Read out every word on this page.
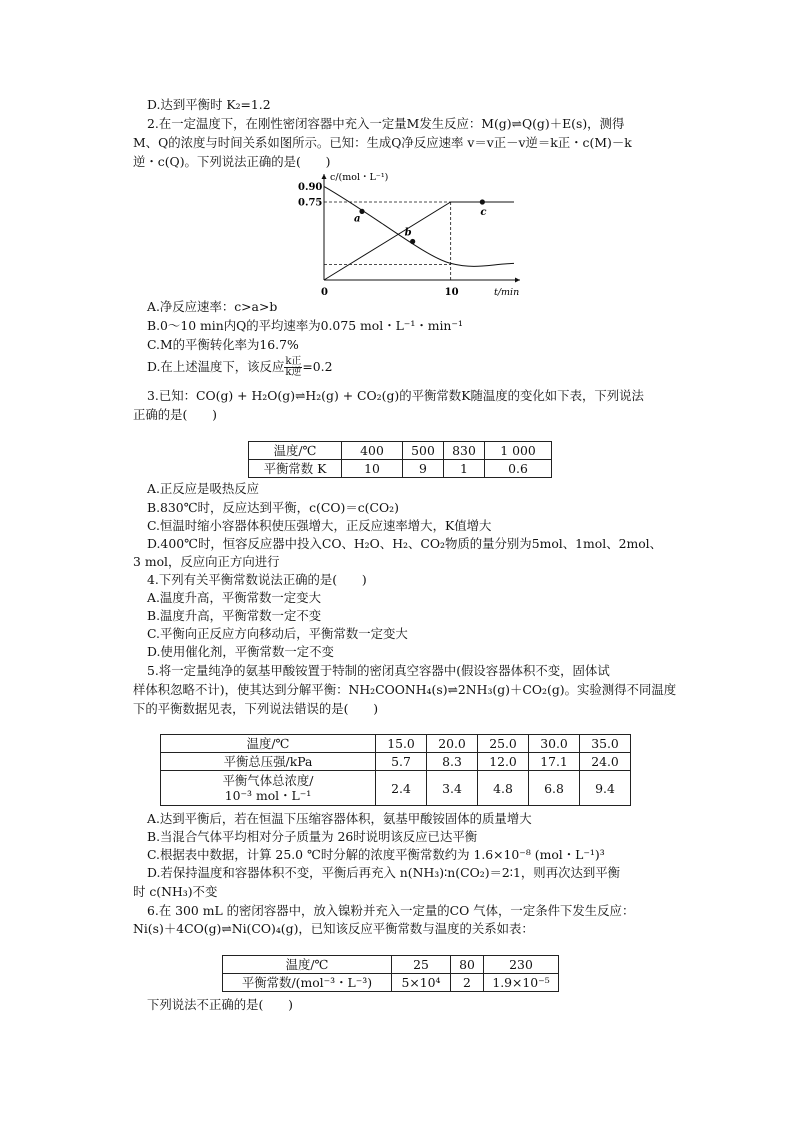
D.达到平衡时 K₂=1.2
2.在一定温度下，在刚性密闭容器中充入一定量M发生反应：M(g)⇌Q(g)＋E(s)，测得
M、Q的浓度与时间关系如图所示。已知：生成Q净反应速率 v＝v正－v逆＝k正・c(M)－k
逆・c(Q)。下列说法正确的是(　　)
c/(mol・L⁻¹)
t/min
0.90
0.75
0	10
a
b
c
A.净反应速率：c>a>b
B.0～10 min内Q的平均速率为0.075 mol・L⁻¹・min⁻¹
C.M的平衡转化率为16.7%
D.在上述温度下，该反应 $\frac{\text{k正}}{\text{k逆}} =0.2$
3.已知：CO(g) + H₂O(g)⇌H₂(g) + CO₂(g)的平衡常数K随温度的变化如下表，下列说法
正确的是(　　)
温度/℃	400	500	830	1 000
平衡常数 K	10	9	1	0.6
A.正反应是吸热反应
B.830℃时，反应达到平衡，c(CO)＝c(CO₂)
C.恒温时缩小容器体积使压强增大，正反应速率增大，K值增大
D.400℃时，恒容反应器中投入CO、H₂O、H₂、CO₂物质的量分别为5mol、1mol、2mol、
3 mol，反应向正方向进行
4.下列有关平衡常数说法正确的是(　　)
A.温度升高，平衡常数一定变大
B.温度升高，平衡常数一定不变
C.平衡向正反应方向移动后，平衡常数一定变大
D.使用催化剂，平衡常数一定不变
5.将一定量纯净的氨基甲酸铵置于特制的密闭真空容器中(假设容器体积不变，固体试
样体积忽略不计)，使其达到分解平衡：NH₂COONH₄(s)⇌2NH₃(g)＋CO₂(g)。实验测得不同温度
下的平衡数据见表，下列说法错误的是(　　)
温度/℃	15.0	20.0	25.0	30.0	35.0
平衡总压强/kPa	5.7	8.3	12.0	17.1	24.0

平衡气体总浓度/
10⁻³ mol・L⁻¹	2.4	3.4	4.8	6.8	9.4
A.达到平衡后，若在恒温下压缩容器体积，氨基甲酸铵固体的质量增大
B.当混合气体平均相对分子质量为 26时说明该反应已达平衡
C.根据表中数据，计算 25.0 ℃时分解的浓度平衡常数约为 1.6×10⁻⁸ (mol・L⁻¹)³
D.若保持温度和容器体积不变，平衡后再充入 n(NH₃)∶n(CO₂)＝2∶1，则再次达到平衡
时 c(NH₃)不变
6.在 300 mL 的密闭容器中，放入镍粉并充入一定量的CO 气体，一定条件下发生反应：
Ni(s)＋4CO(g)⇌Ni(CO)₄(g)，已知该反应平衡常数与温度的关系如表：
温度/℃	25	80	230
平衡常数/(mol⁻³・L⁻³)	5×10⁴	2	1.9×10⁻⁵
下列说法不正确的是(　　)
